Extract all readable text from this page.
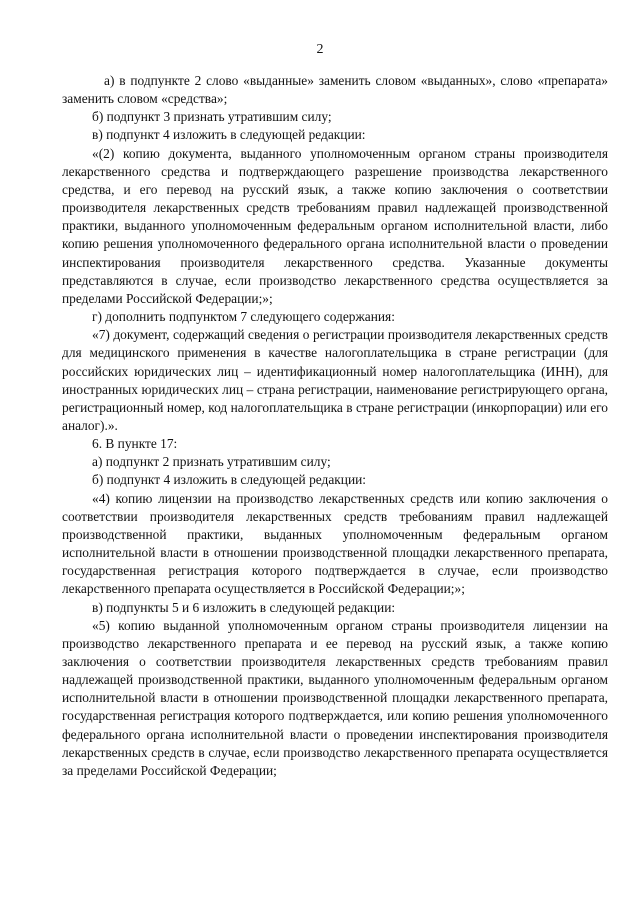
2

а) в подпункте 2 слово «выданные» заменить словом «выданных», слово «препарата» заменить словом «средства»;

б) подпункт 3 признать утратившим силу;

в) подпункт 4 изложить в следующей редакции:

«(2) копию документа, выданного уполномоченным органом страны производителя лекарственного средства и подтверждающего разрешение производства лекарственного средства, и его перевод на русский язык, а также копию заключения о соответствии производителя лекарственных средств требованиям правил надлежащей производственной практики, выданного уполномоченным федеральным органом исполнительной власти, либо копию решения уполномоченного федерального органа исполнительной власти о проведении инспектирования производителя лекарственного средства. Указанные документы представляются в случае, если производство лекарственного средства осуществляется за пределами Российской Федерации;»;

г) дополнить подпунктом 7 следующего содержания:

«7) документ, содержащий сведения о регистрации производителя лекарственных средств для медицинского применения в качестве налогоплательщика в стране регистрации (для российских юридических лиц – идентификационный номер налогоплательщика (ИНН), для иностранных юридических лиц – страна регистрации, наименование регистрирующего органа, регистрационный номер, код налогоплательщика в стране регистрации (инкорпорации) или его аналог).».

6. В пункте 17:

а) подпункт 2 признать утратившим силу;

б) подпункт 4 изложить в следующей редакции:

«4) копию лицензии на производство лекарственных средств или копию заключения о соответствии производителя лекарственных средств требованиям правил надлежащей производственной практики, выданных уполномоченным федеральным органом исполнительной власти в отношении производственной площадки лекарственного препарата, государственная регистрация которого подтверждается в случае, если производство лекарственного препарата осуществляется в Российской Федерации;»;

в) подпункты 5 и 6 изложить в следующей редакции:

«5) копию выданной уполномоченным органом страны производителя лицензии на производство лекарственного препарата и ее перевод на русский язык, а также копию заключения о соответствии производителя лекарственных средств требованиям правил надлежащей производственной практики, выданного уполномоченным федеральным органом исполнительной власти в отношении производственной площадки лекарственного препарата, государственная регистрация которого подтверждается, или копию решения уполномоченного федерального органа исполнительной власти о проведении инспектирования производителя лекарственных средств в случае, если производство лекарственного препарата осуществляется за пределами Российской Федерации;
